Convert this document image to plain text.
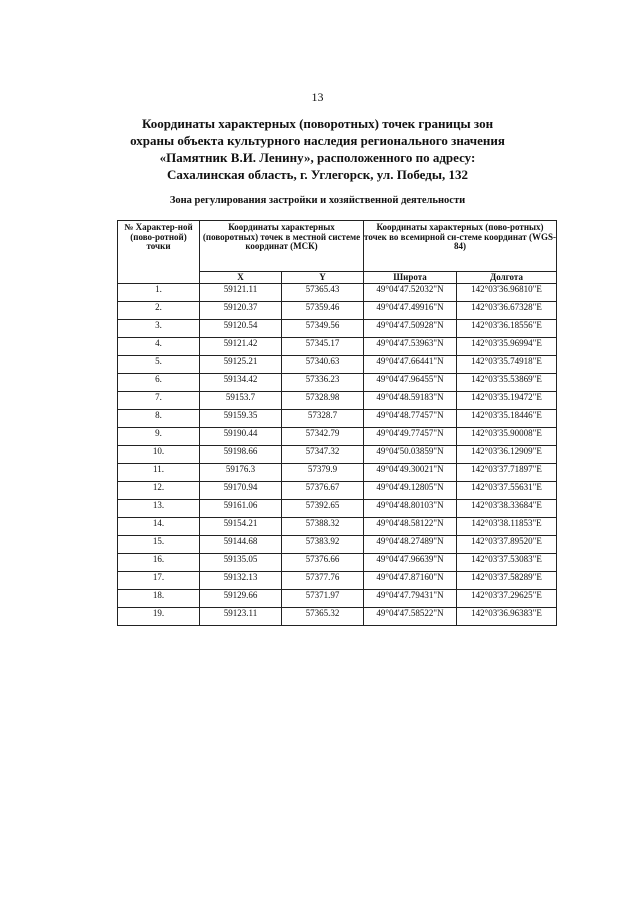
13
Координаты характерных (поворотных) точек границы зон
охраны объекта культурного наследия регионального значения
«Памятник В.И. Ленину», расположенного по адресу:
Сахалинская область, г. Углегорск, ул. Победы, 132
Зона регулирования застройки и хозяйственной деятельности
№ Характер-ной (пово-ротной) точки	Координаты характерных (поворотных) точек в местной системе координат (МСК)		Координаты характерных (пово-ротных) точек во всемирной си-стеме координат (WGS-84)	
	X	Y	Широта	Долгота
1.	59121.11	57365.43	49°04'47.52032"N	142°03'36.96810"E
2.	59120.37	57359.46	49°04'47.49916"N	142°03'36.67328"E
3.	59120.54	57349.56	49°04'47.50928"N	142°03'36.18556"E
4.	59121.42	57345.17	49°04'47.53963"N	142°03'35.96994"E
5.	59125.21	57340.63	49°04'47.66441"N	142°03'35.74918"E
6.	59134.42	57336.23	49°04'47.96455"N	142°03'35.53869"E
7.	59153.7	57328.98	49°04'48.59183"N	142°03'35.19472"E
8.	59159.35	57328.7	49°04'48.77457"N	142°03'35.18446"E
9.	59190.44	57342.79	49°04'49.77457"N	142°03'35.90008"E
10.	59198.66	57347.32	49°04'50.03859"N	142°03'36.12909"E
11.	59176.3	57379.9	49°04'49.30021"N	142°03'37.71897"E
12.	59170.94	57376.67	49°04'49.12805"N	142°03'37.55631"E
13.	59161.06	57392.65	49°04'48.80103"N	142°03'38.33684"E
14.	59154.21	57388.32	49°04'48.58122"N	142°03'38.11853"E
15.	59144.68	57383.92	49°04'48.27489"N	142°03'37.89520"E
16.	59135.05	57376.66	49°04'47.96639"N	142°03'37.53083"E
17.	59132.13	57377.76	49°04'47.87160"N	142°03'37.58289"E
18.	59129.66	57371.97	49°04'47.79431"N	142°03'37.29625"E
19.	59123.11	57365.32	49°04'47.58522"N	142°03'36.96383"E
